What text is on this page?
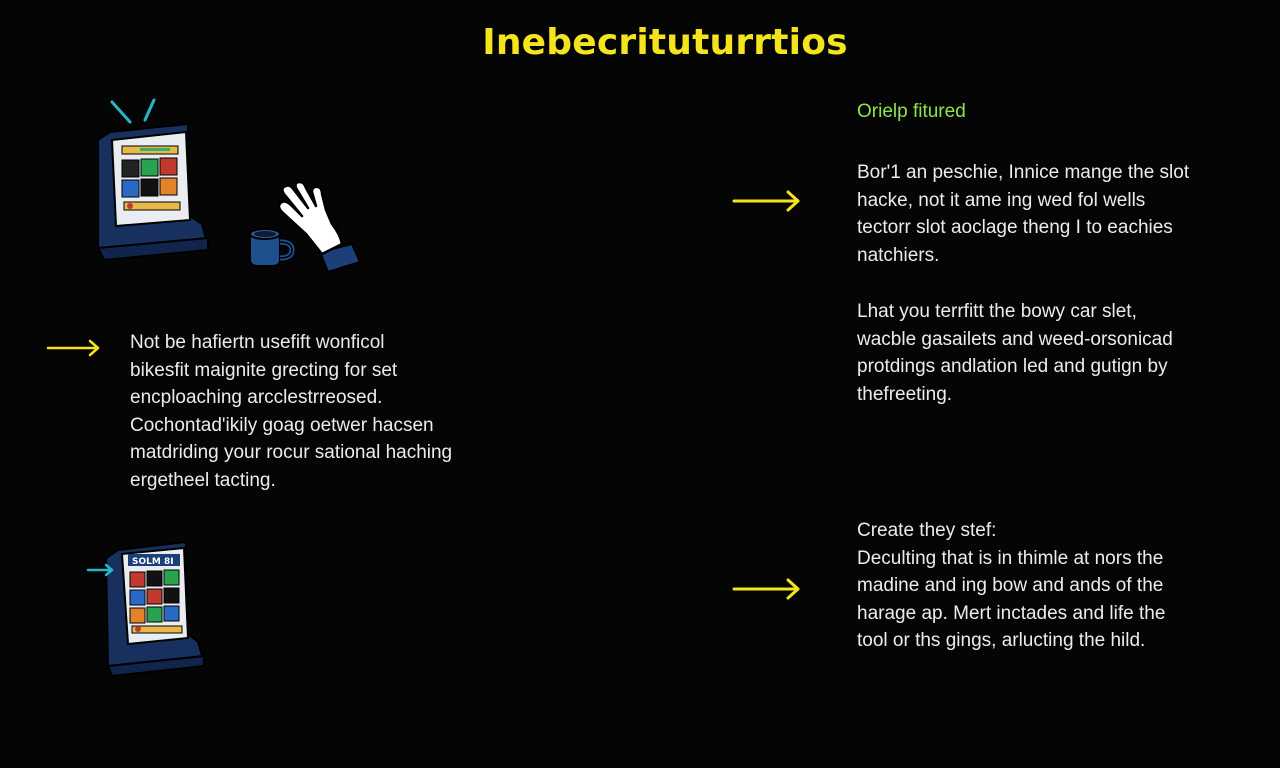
Inebecrituturrtios
Orielp fitured
SOLM 8I
Bor'1 an peschie, Innice mange the slot
hacke, not it ame ing wed fol wells
tectorr slot aoclage theng I to eachies
natchiers.
Lhat you terrfitt the bowy car slet,
wacble gasailets and weed-orsonicad
protdings andlation led and gutign by
thefreeting.
Create they stef:
Deculting that is in thimle at nors the
madine and ing bow and ands of the
harage ap. Mert inctades and life the
tool or ths gings, arlucting the hild.
Not be hafiertn usefift wonficol
bikesfit maignite grecting for set
encploaching arcclestrreosed.
Cochontad'ikily goag oetwer hacsen
matdriding your rocur sational haching
ergetheel tacting.
